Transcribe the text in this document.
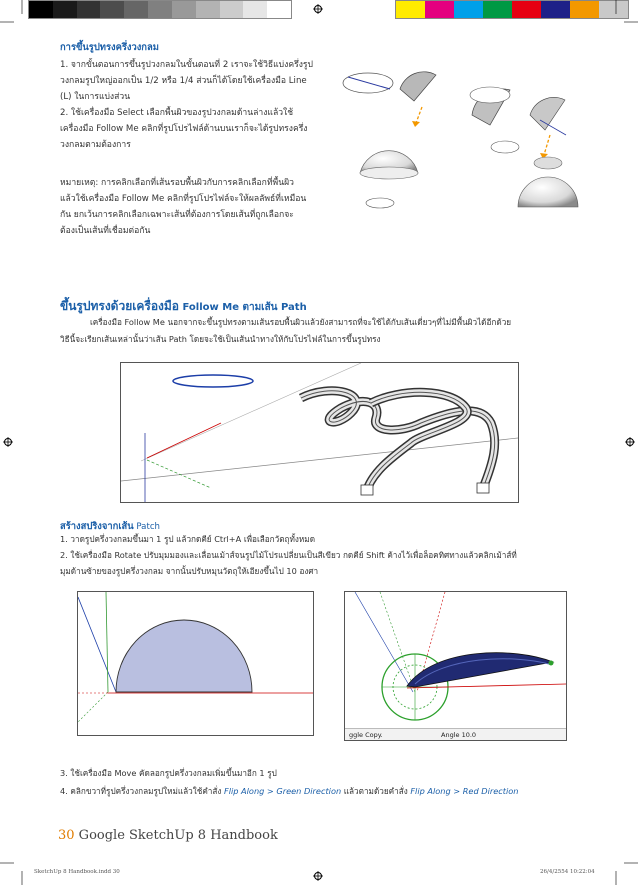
การขึ้นรูปทรงครึ่งวงกลม
1. จากขั้นตอนการขึ้นรูปวงกลมในขั้นตอนที่ 2 เราจะใช้วิธีแบ่งครึ่งรูป
วงกลมรูปใหญ่ออกเป็น 1/2 หรือ 1/4 ส่วนก็ได้โดยใช้เครื่องมือ Line
(L) ในการแบ่งส่วน
2. ใช้เครื่องมือ Select เลือกพื้นผิวของรูปวงกลมด้านล่างแล้วใช้
เครื่องมือ Follow Me คลิกที่รูปโปรไฟล์ด้านบนเราก็จะได้รูปทรงครึ่ง
วงกลมตามต้องการ
หมายเหตุ: การคลิกเลือกที่เส้นรอบพื้นผิวกับการคลิกเลือกที่พื้นผิว
แล้วใช้เครื่องมือ Follow Me คลิกที่รูปโปรไฟล์จะให้ผลลัพธ์ที่เหมือน
กัน ยกเว้นการคลิกเลือกเฉพาะเส้นที่ต้องการโดยเส้นที่ถูกเลือกจะ
ต้องเป็นเส้นที่เชื่อมต่อกัน
ขึ้นรูปทรงด้วยเครื่องมือ Follow Me ตามเส้น Path
เครื่องมือ Follow Me นอกจากจะขึ้นรูปทรงตามเส้นรอบพื้นผิวแล้วยังสามารถที่จะใช้ได้กับเส้นเดี่ยวๆที่ไม่มีพื้นผิวได้อีกด้วย
วิธีนี้จะเรียกเส้นเหล่านั้นว่าเส้น Path โดยจะใช้เป็นเส้นนำทางให้กับโปรไฟล์ในการขึ้นรูปทรง
สร้างสปริงจากเส้น Patch
1. วาดรูปครึ่งวงกลมขึ้นมา 1 รูป แล้วกดคีย์ Ctrl+A เพื่อเลือกวัตถุทั้งหมด
2. ใช้เครื่องมือ Rotate ปรับมุมมองและเลื่อนเม้าส์จนรูปไม้โปรแปลี่ยนเป็นสีเขียว กดคีย์ Shift ค้างไว้เพื่อล็อคทิศทางแล้วคลิกเม้าส์ที่
มุมด้านซ้ายของรูปครึ่งวงกลม จากนั้นปรับหมุนวัตถุให้เอียงขึ้นไป 10 องศา
ggle Copy.	Angle 10.0
3. ใช้เครื่องมือ Move คัดลอกรูปครึ่งวงกลมเพิ่มขึ้นมาอีก 1 รูป
4. คลิกขวาที่รูปครึ่งวงกลมรูปใหม่แล้วใช้คำสั่ง Flip Along > Green Direction แล้วตามด้วยคำสั่ง Flip Along > Red Direction
30 Google SketchUp 8 Handbook
SketchUp 8 Handbook.indd 30	26/4/2554 10:22:04
